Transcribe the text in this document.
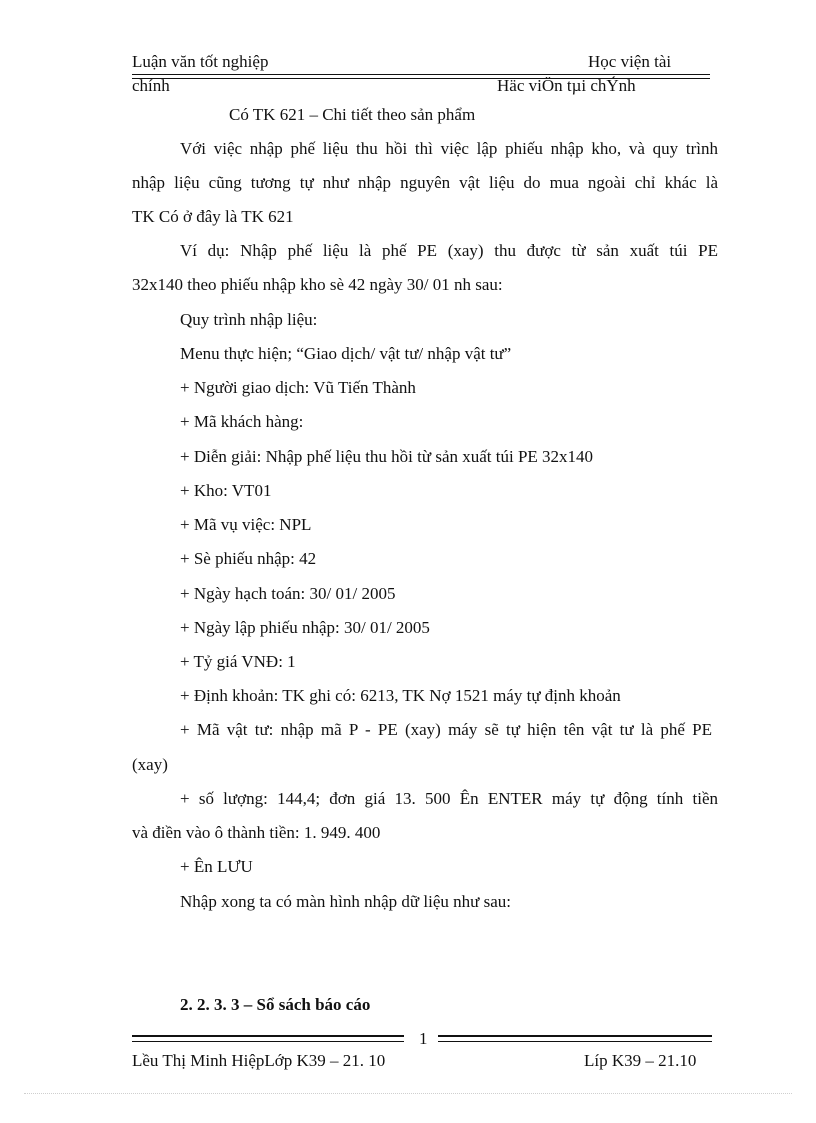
Luận văn tốt nghiệp	Học viện tài
chính	Häc viÖn tµi chÝnh
Có TK 621 – Chi tiết theo sản phẩm
Với việc nhập phế liệu thu hồi thì việc lập phiếu nhập kho, và quy trình
nhập liệu cũng tương tự như nhập nguyên vật liệu do mua ngoài chỉ khác là
TK Có ở đây là TK 621
Ví dụ: Nhập phế liệu là phế PE (xay) thu được từ sản xuất túi PE
32x140 theo phiếu nhập kho sè 42 ngày 30/ 01 nh sau:
Quy trình nhập liệu:
Menu thực hiện; “Giao dịch/ vật tư/ nhập vật tư”
+ Người giao dịch: Vũ Tiến Thành
+ Mã khách hàng:
+ Diễn giải: Nhập phế liệu thu hồi từ sản xuất túi PE 32x140
+ Kho: VT01
+ Mã vụ việc: NPL
+ Sè phiếu nhập: 42
+ Ngày hạch toán: 30/ 01/ 2005
+ Ngày lập phiếu nhập: 30/ 01/ 2005
+ Tỷ giá VNĐ: 1
+ Định khoản: TK ghi có: 6213, TK Nợ 1521 máy tự định khoản
+ Mã vật tư: nhập mã P - PE (xay) máy sẽ tự hiện tên vật tư là phế PE
(xay)
+ số lượng: 144,4; đơn giá 13. 500 Ên ENTER máy tự động tính tiền
và điền vào ô thành tiền: 1. 949. 400
+ Ên LƯU
Nhập xong ta có màn hình nhập dữ liệu như sau:
2. 2. 3. 3 – Sổ sách báo cáo
1
Lều Thị Minh HiệpLớp K39 – 21. 10	Líp K39 – 21.10
